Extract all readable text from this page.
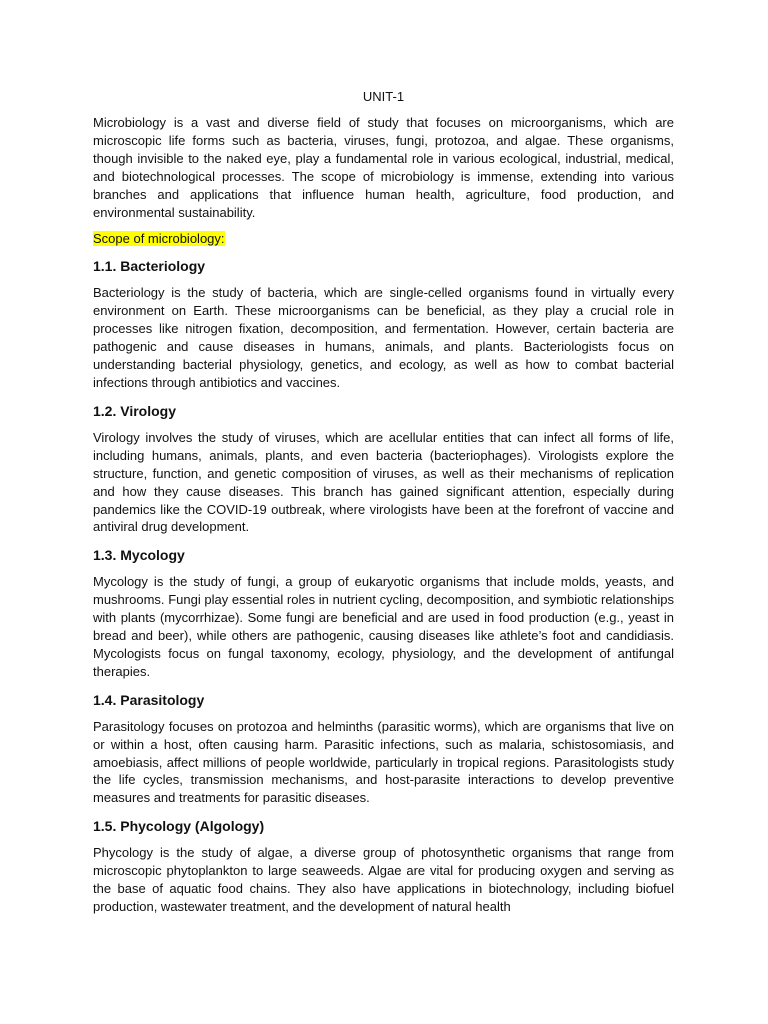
UNIT-1

Microbiology is a vast and diverse field of study that focuses on microorganisms, which are microscopic life forms such as bacteria, viruses, fungi, protozoa, and algae. These organisms, though invisible to the naked eye, play a fundamental role in various ecological, industrial, medical, and biotechnological processes. The scope of microbiology is immense, extending into various branches and applications that influence human health, agriculture, food production, and environmental sustainability.

Scope of microbiology:

1.1. Bacteriology

Bacteriology is the study of bacteria, which are single-celled organisms found in virtually every environment on Earth. These microorganisms can be beneficial, as they play a crucial role in processes like nitrogen fixation, decomposition, and fermentation. However, certain bacteria are pathogenic and cause diseases in humans, animals, and plants. Bacteriologists focus on understanding bacterial physiology, genetics, and ecology, as well as how to combat bacterial infections through antibiotics and vaccines.

1.2. Virology

Virology involves the study of viruses, which are acellular entities that can infect all forms of life, including humans, animals, plants, and even bacteria (bacteriophages). Virologists explore the structure, function, and genetic composition of viruses, as well as their mechanisms of replication and how they cause diseases. This branch has gained significant attention, especially during pandemics like the COVID-19 outbreak, where virologists have been at the forefront of vaccine and antiviral drug development.

1.3. Mycology

Mycology is the study of fungi, a group of eukaryotic organisms that include molds, yeasts, and mushrooms. Fungi play essential roles in nutrient cycling, decomposition, and symbiotic relationships with plants (mycorrhizae). Some fungi are beneficial and are used in food production (e.g., yeast in bread and beer), while others are pathogenic, causing diseases like athlete’s foot and candidiasis. Mycologists focus on fungal taxonomy, ecology, physiology, and the development of antifungal therapies.

1.4. Parasitology

Parasitology focuses on protozoa and helminths (parasitic worms), which are organisms that live on or within a host, often causing harm. Parasitic infections, such as malaria, schistosomiasis, and amoebiasis, affect millions of people worldwide, particularly in tropical regions. Parasitologists study the life cycles, transmission mechanisms, and host-parasite interactions to develop preventive measures and treatments for parasitic diseases.

1.5. Phycology (Algology)

Phycology is the study of algae, a diverse group of photosynthetic organisms that range from microscopic phytoplankton to large seaweeds. Algae are vital for producing oxygen and serving as the base of aquatic food chains. They also have applications in biotechnology, including biofuel production, wastewater treatment, and the development of natural health
